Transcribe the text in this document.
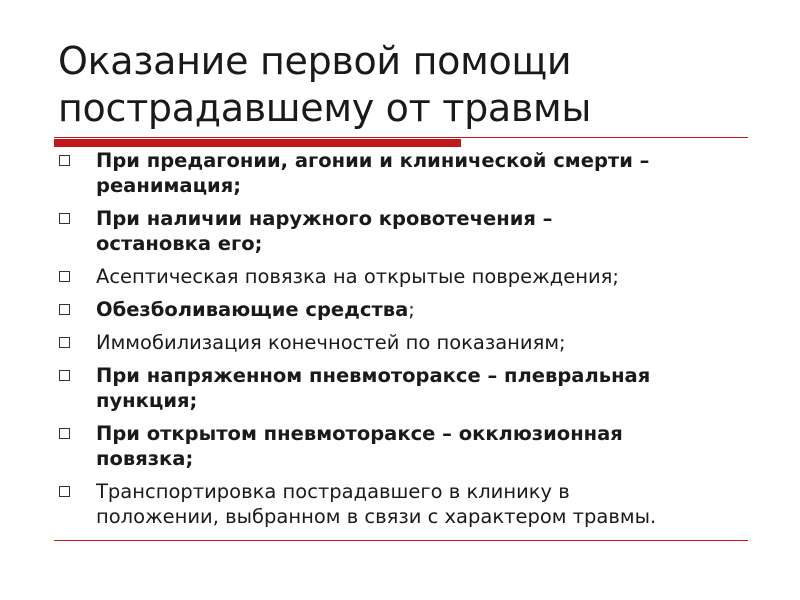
Оказание первой помощи
пострадавшему от травмы
При предагонии, агонии и клинической смерти –
реанимация;
При наличии наружного кровотечения –
остановка его;
Асептическая повязка на открытые повреждения;
Обезболивающие средства;
Иммобилизация конечностей по показаниям;
При напряженном пневмотораксе – плевральная
пункция;
При открытом пневмотораксе – окклюзионная
повязка;
Транспортировка пострадавшего в клинику в
положении, выбранном в связи с характером травмы.
